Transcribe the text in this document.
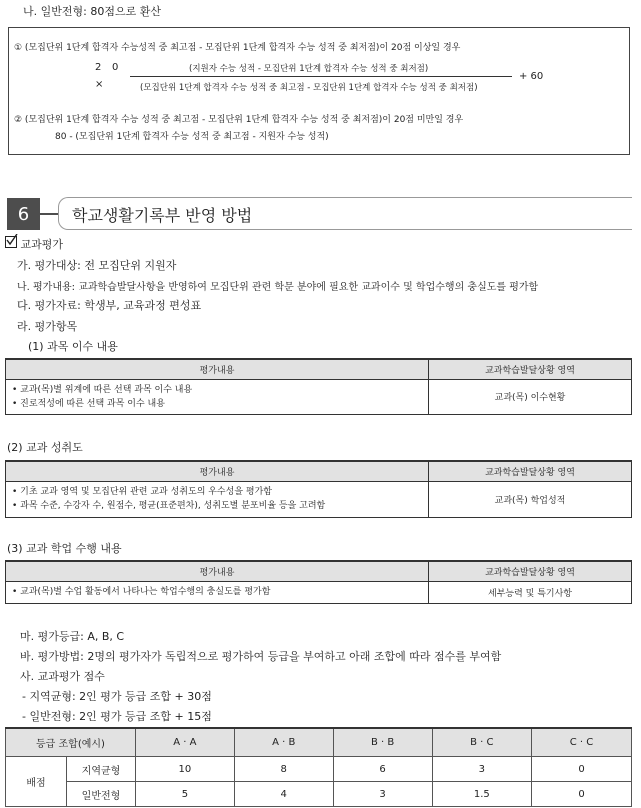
나. 일반전형: 80점으로 환산
① (모집단위 1단계 합격자 수능성적 중 최고점 - 모집단위 1단계 합격자 수능 성적 중 최저점)이 20점 이상일 경우
2 0
×
(지원자 수능 성적 - 모집단위 1단계 합격자 수능 성적 중 최저점)
(모집단위 1단계 합격자 수능 성적 중 최고점 - 모집단위 1단계 합격자 수능 성적 중 최저점)
+ 60
② (모집단위 1단계 합격자 수능 성적 중 최고점 - 모집단위 1단계 합격자 수능 성적 중 최저점)이 20점 미만일 경우
80 - (모집단위 1단계 합격자 수능 성적 중 최고점 - 지원자 수능 성적)
6	학교생활기록부 반영 방법
교과평가
가. 평가대상: 전 모집단위 지원자
나. 평가내용: 교과학습발달사항을 반영하여 모집단위 관련 학문 분야에 필요한 교과이수 및 학업수행의 충실도를 평가함
다. 평가자료: 학생부, 교육과정 편성표
라. 평가항목
(1) 과목 이수 내용
평가내용	교과학습발달상황 영역

• 교과(목)별 위계에 따른 선택 과목 이수 내용
• 진로적성에 따른 선택 과목 이수 내용	교과(목) 이수현황
(2) 교과 성취도
평가내용	교과학습발달상황 영역

• 기초 교과 영역 및 모집단위 관련 교과 성취도의 우수성을 평가함
• 과목 수준, 수강자 수, 원점수, 평균(표준편차), 성취도별 분포비율 등을 고려함	교과(목) 학업성적
(3) 교과 학업 수행 내용
평가내용	교과학습발달상황 영역

• 교과(목)별 수업 활동에서 나타나는 학업수행의 충실도를 평가함	세부능력 및 특기사항
마. 평가등급: A, B, C
바. 평가방법: 2명의 평가자가 독립적으로 평가하여 등급을 부여하고 아래 조합에 따라 점수를 부여함
사. 교과평가 점수
- 지역균형: 2인 평가 등급 조합 + 30점
- 일반전형: 2인 평가 등급 조합 + 15점
등급 조합(예시)		A · A	A · B	B · B	B · C	C · C
배점	지역균형	10	8	6	3	0
	일반전형	5	4	3	1.5	0
